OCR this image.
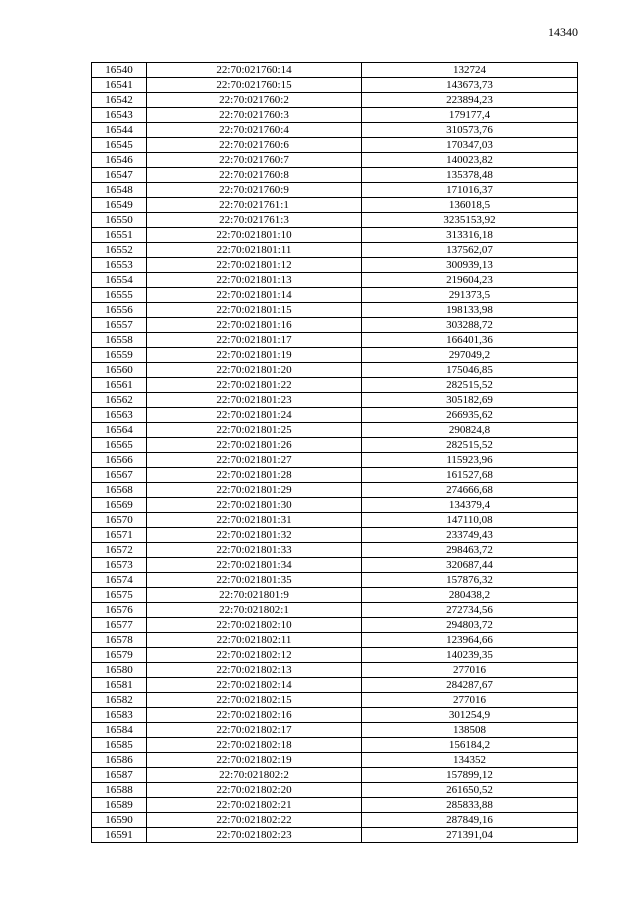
14340
16540	22:70:021760:14	132724
16541	22:70:021760:15	143673,73
16542	22:70:021760:2	223894,23
16543	22:70:021760:3	179177,4
16544	22:70:021760:4	310573,76
16545	22:70:021760:6	170347,03
16546	22:70:021760:7	140023,82
16547	22:70:021760:8	135378,48
16548	22:70:021760:9	171016,37
16549	22:70:021761:1	136018,5
16550	22:70:021761:3	3235153,92
16551	22:70:021801:10	313316,18
16552	22:70:021801:11	137562,07
16553	22:70:021801:12	300939,13
16554	22:70:021801:13	219604,23
16555	22:70:021801:14	291373,5
16556	22:70:021801:15	198133,98
16557	22:70:021801:16	303288,72
16558	22:70:021801:17	166401,36
16559	22:70:021801:19	297049,2
16560	22:70:021801:20	175046,85
16561	22:70:021801:22	282515,52
16562	22:70:021801:23	305182,69
16563	22:70:021801:24	266935,62
16564	22:70:021801:25	290824,8
16565	22:70:021801:26	282515,52
16566	22:70:021801:27	115923,96
16567	22:70:021801:28	161527,68
16568	22:70:021801:29	274666,68
16569	22:70:021801:30	134379,4
16570	22:70:021801:31	147110,08
16571	22:70:021801:32	233749,43
16572	22:70:021801:33	298463,72
16573	22:70:021801:34	320687,44
16574	22:70:021801:35	157876,32
16575	22:70:021801:9	280438,2
16576	22:70:021802:1	272734,56
16577	22:70:021802:10	294803,72
16578	22:70:021802:11	123964,66
16579	22:70:021802:12	140239,35
16580	22:70:021802:13	277016
16581	22:70:021802:14	284287,67
16582	22:70:021802:15	277016
16583	22:70:021802:16	301254,9
16584	22:70:021802:17	138508
16585	22:70:021802:18	156184,2
16586	22:70:021802:19	134352
16587	22:70:021802:2	157899,12
16588	22:70:021802:20	261650,52
16589	22:70:021802:21	285833,88
16590	22:70:021802:22	287849,16
16591	22:70:021802:23	271391,04
